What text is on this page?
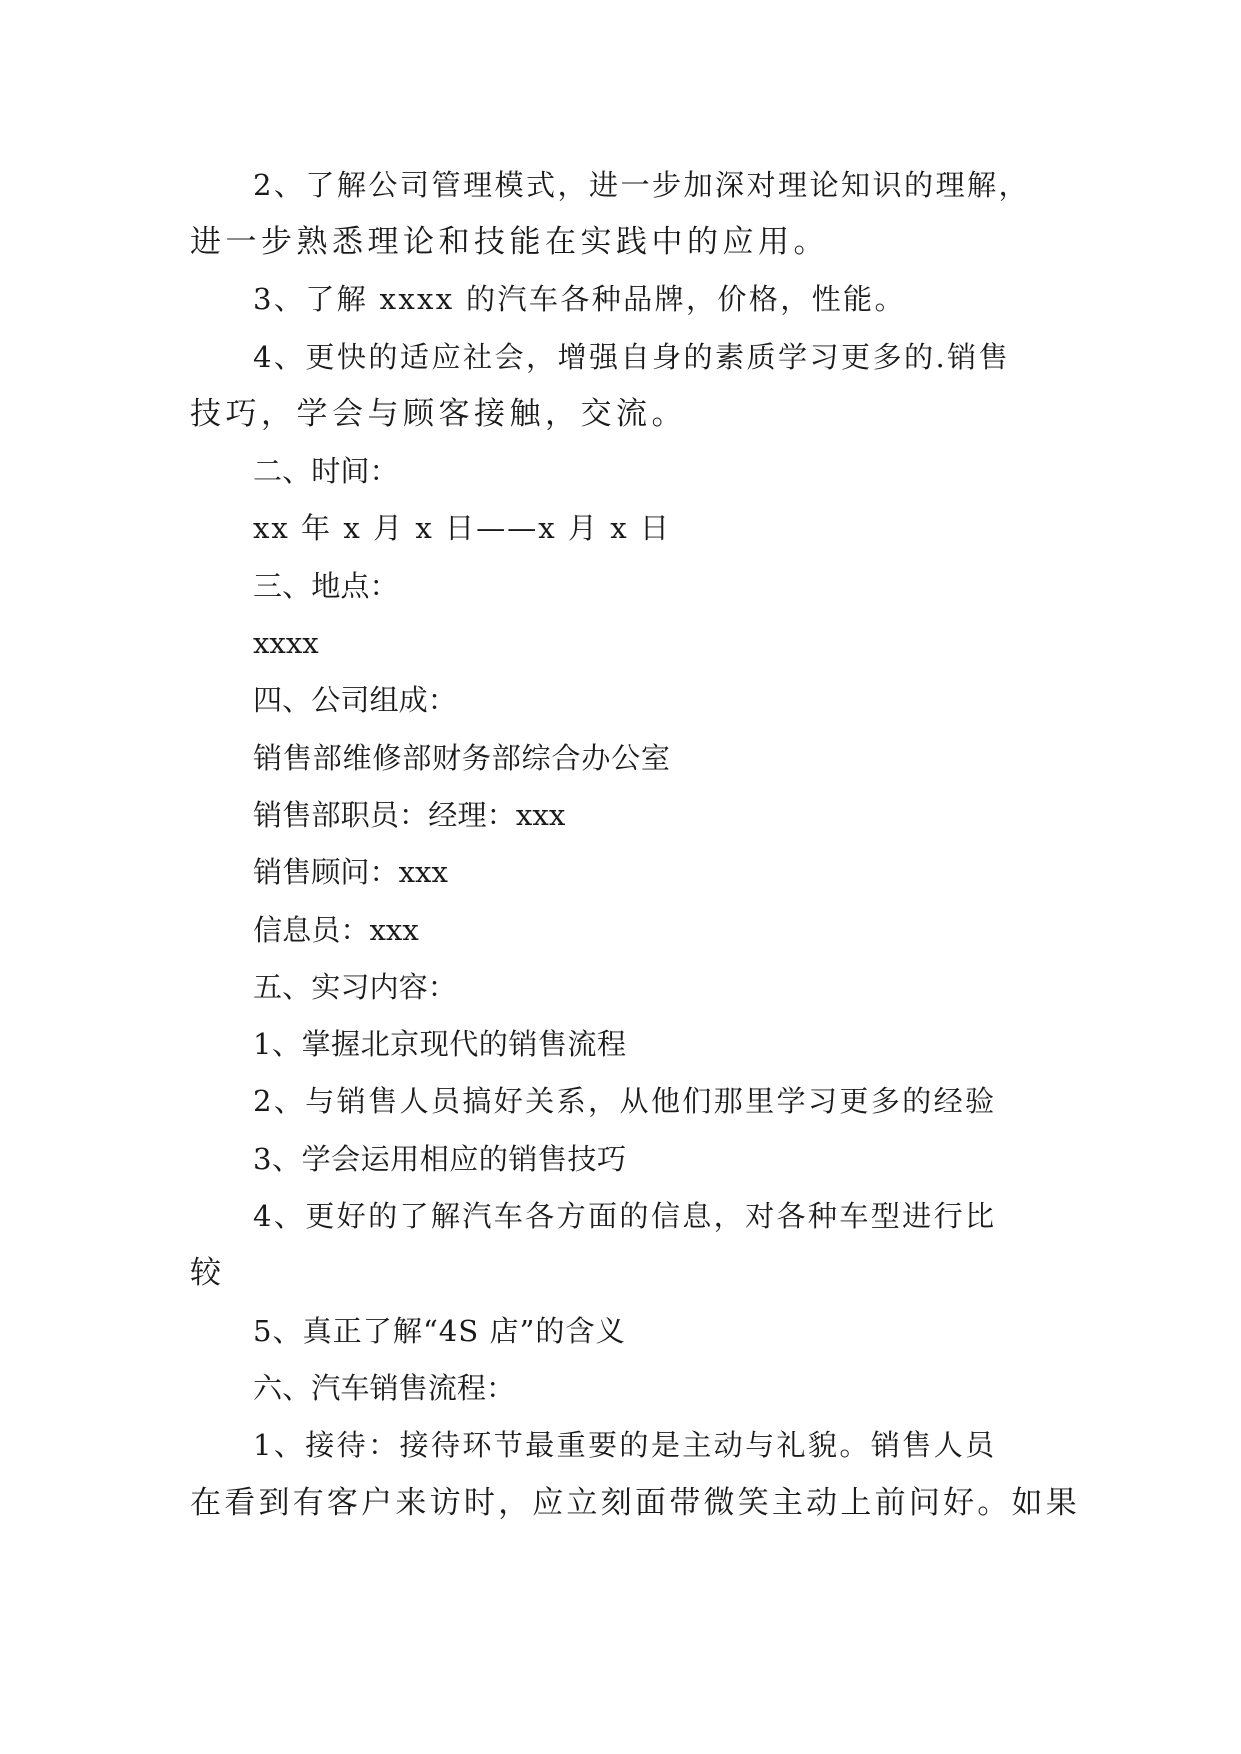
2、了解公司管理模式，进一步加深对理论知识的理解，

进一步熟悉理论和技能在实践中的应用。

3、了解 xxxx 的汽车各种品牌，价格，性能。

4、更快的适应社会，增强自身的素质学习更多的.销售

技巧，学会与顾客接触，交流。

二、时间：

xx 年 x 月 x 日——x 月 x 日

三、地点：

xxxx

四、公司组成：

销售部维修部财务部综合办公室

销售部职员：经理：xxx

销售顾问：xxx

信息员：xxx

五、实习内容：

1、掌握北京现代的销售流程

2、与销售人员搞好关系，从他们那里学习更多的经验

3、学会运用相应的销售技巧

4、更好的了解汽车各方面的信息，对各种车型进行比

较

5、真正了解“4S 店”的含义

六、汽车销售流程：

1、接待：接待环节最重要的是主动与礼貌。销售人员

在看到有客户来访时，应立刻面带微笑主动上前问好。如果
